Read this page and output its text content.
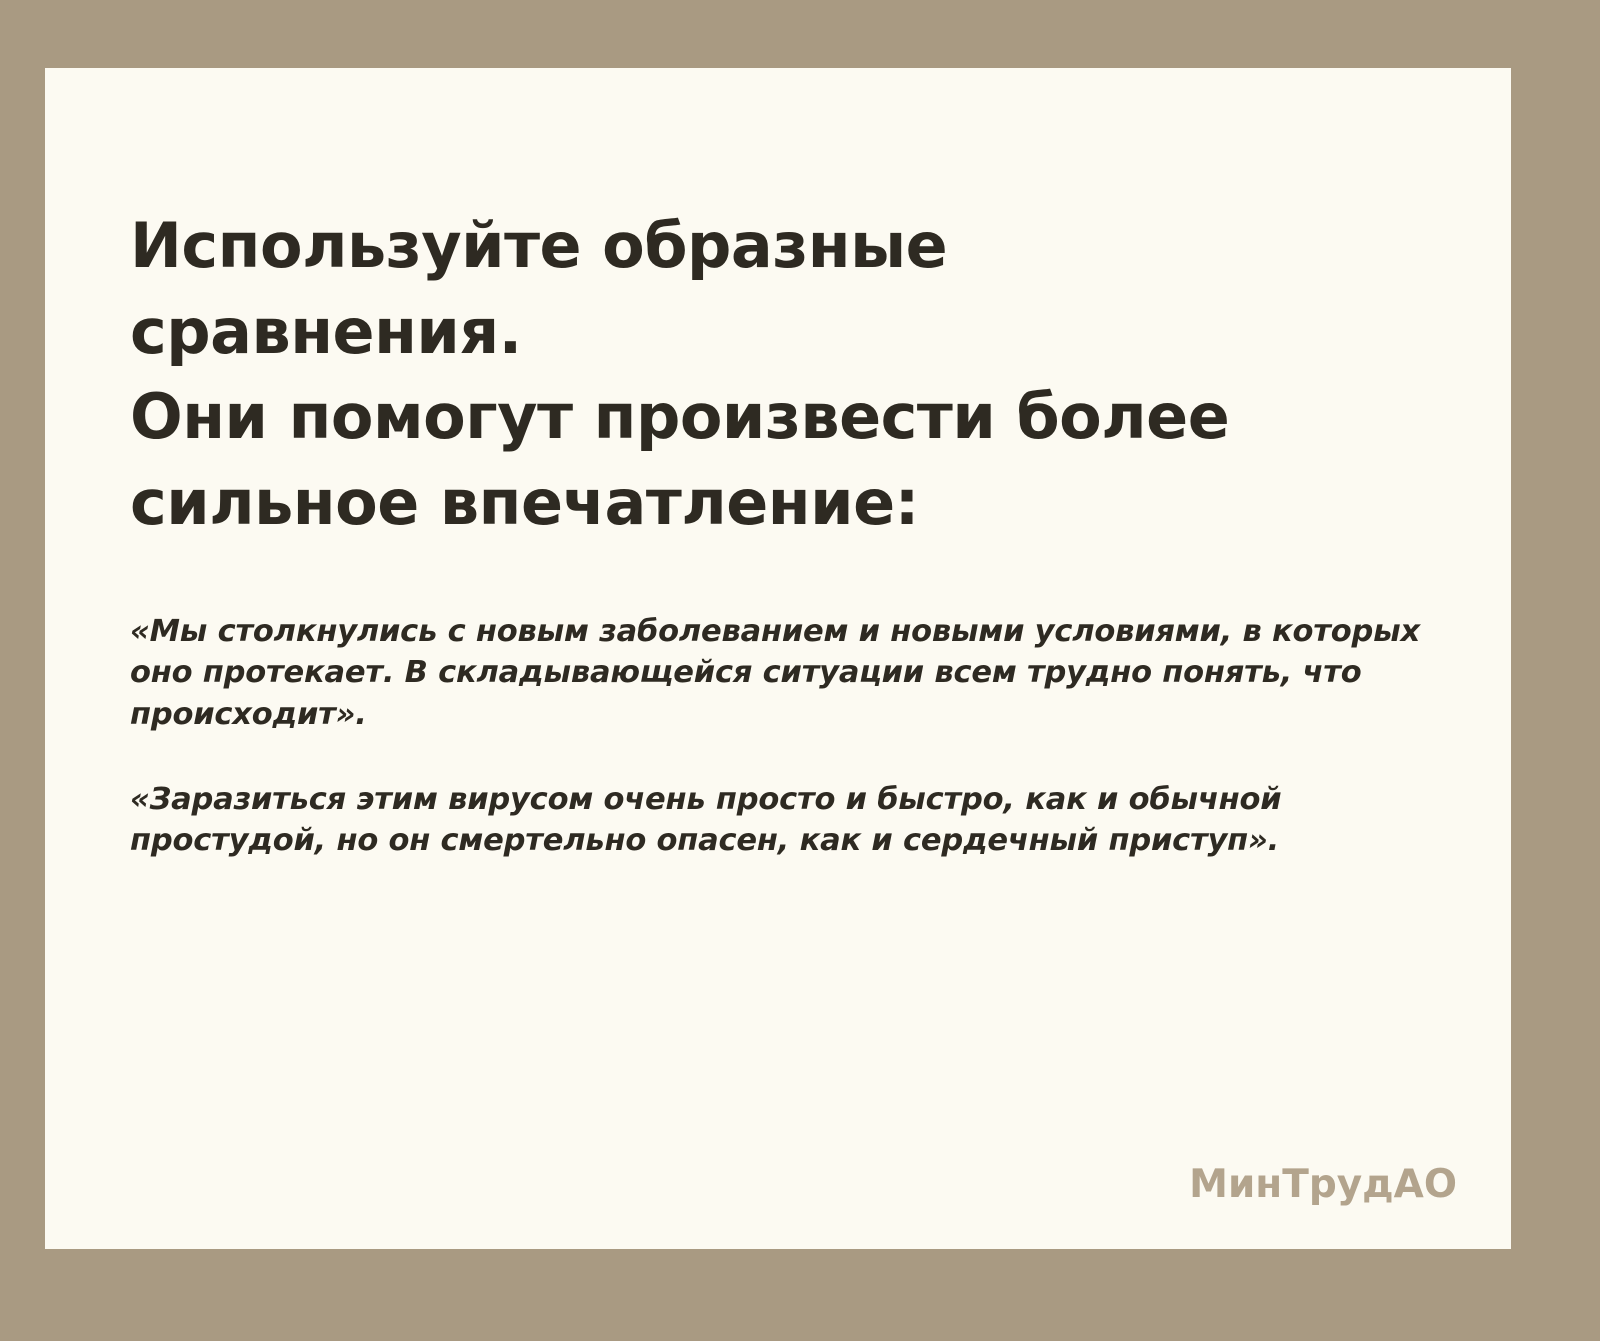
Используйте образные
сравнения.
Они помогут произвести более
сильное впечатление:

«Мы столкнулись с новым заболеванием и новыми условиями, в которых оно протекает. В складывающейся ситуации всем трудно понять, что происходит».

«Заразиться этим вирусом очень просто и быстро, как и обычной простудой, но он смертельно опасен, как и сердечный приступ».

МинТрудАО
